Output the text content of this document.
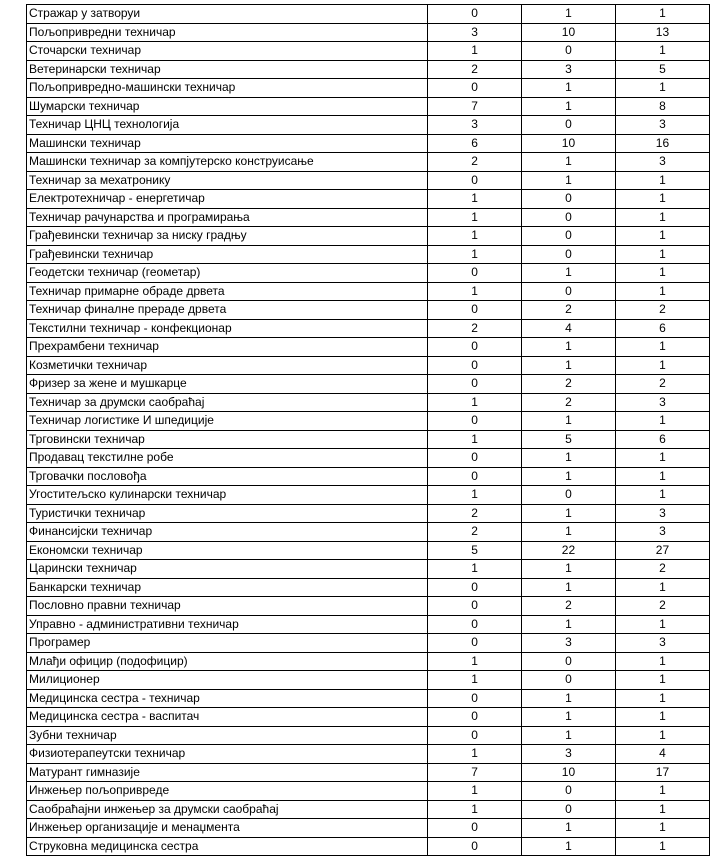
Стражар у затворуи	0	1	1
Пољопривредни техничар	3	10	13
Сточарски техничар	1	0	1
Ветеринарски техничар	2	3	5
Пољопривредно-машински техничар	0	1	1
Шумарски техничар	7	1	8
Техничар ЦНЦ технологија	3	0	3
Машински техничар	6	10	16
Машински техничар за компјутерско конструисање	2	1	3
Техничар за мехатронику	0	1	1
Електротехничар - енергетичар	1	0	1
Техничар рачунарства и програмирања	1	0	1
Грађевински техничар за ниску градњу	1	0	1
Грађевински техничар	1	0	1
Геодетски техничар (геометар)	0	1	1
Техничар примарне обраде дрвета	1	0	1
Техничар финалне прераде дрвета	0	2	2
Текстилни техничар - конфекционар	2	4	6
Прехрамбени техничар	0	1	1
Козметички техничар	0	1	1
Фризер за жене и мушкарце	0	2	2
Техничар за друмски саобраћај	1	2	3
Техничар логистике И шпедиције	0	1	1
Трговински техничар	1	5	6
Продавац текстилне робе	0	1	1
Трговачки пословођа	0	1	1
Угоститељско кулинарски техничар	1	0	1
Туристички техничар	2	1	3
Финансијски техничар	2	1	3
Економски техничар	5	22	27
Царински техничар	1	1	2
Банкарски техничар	0	1	1
Пословно правни техничар	0	2	2
Управно - административни техничар	0	1	1
Програмер	0	3	3
Млађи официр (подофицир)	1	0	1
Милиционер	1	0	1
Медицинска сестра - техничар	0	1	1
Медицинска сестра - васпитач	0	1	1
Зубни техничар	0	1	1
Физиотерапеутски техничар	1	3	4
Матурант гимназије	7	10	17
Инжењер пољопривреде	1	0	1
Саобраћајни инжењер за друмски саобраћај	1	0	1
Инжењер организације и менаџмента	0	1	1
Струковна медицинска сестра	0	1	1
